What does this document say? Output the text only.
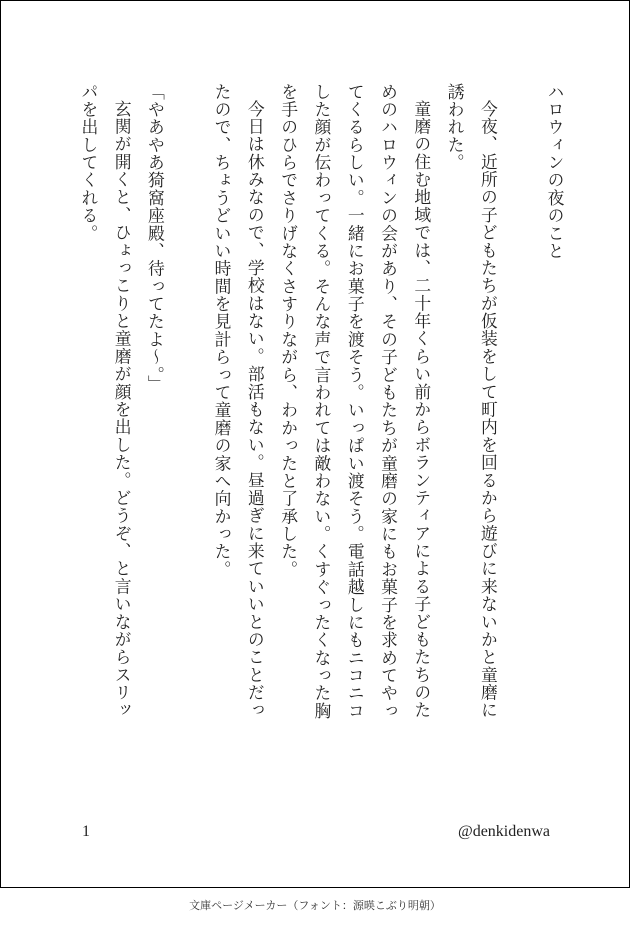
ハロウィンの夜のこと
今夜、近所の子どもたちが仮装をして町内を回るから遊びに来ないかと童磨に
誘われた。
童磨の住む地域では、二十年くらい前からボランティアによる子どもたちのた
めのハロウィンの会があり、その子どもたちが童磨の家にもお菓子を求めてやっ
てくるらしい。一緒にお菓子を渡そう。いっぱい渡そう。電話越しにもニコニコ
した顔が伝わってくる。そんな声で言われては敵わない。くすぐったくなった胸
を手のひらでさりげなくさすりながら、わかったと了承した。
今日は休みなので、学校はない。部活もない。昼過ぎに来ていいとのことだっ
たので、ちょうどいい時間を見計らって童磨の家へ向かった。
「やあやあ猗窩座殿、待ってたよ〜。」
玄関が開くと、ひょっこりと童磨が顔を出した。どうぞ、と言いながらスリッ
パを出してくれる。
1	@denkidenwa
文庫ページメーカー（フォント：源暎こぶり明朝）
